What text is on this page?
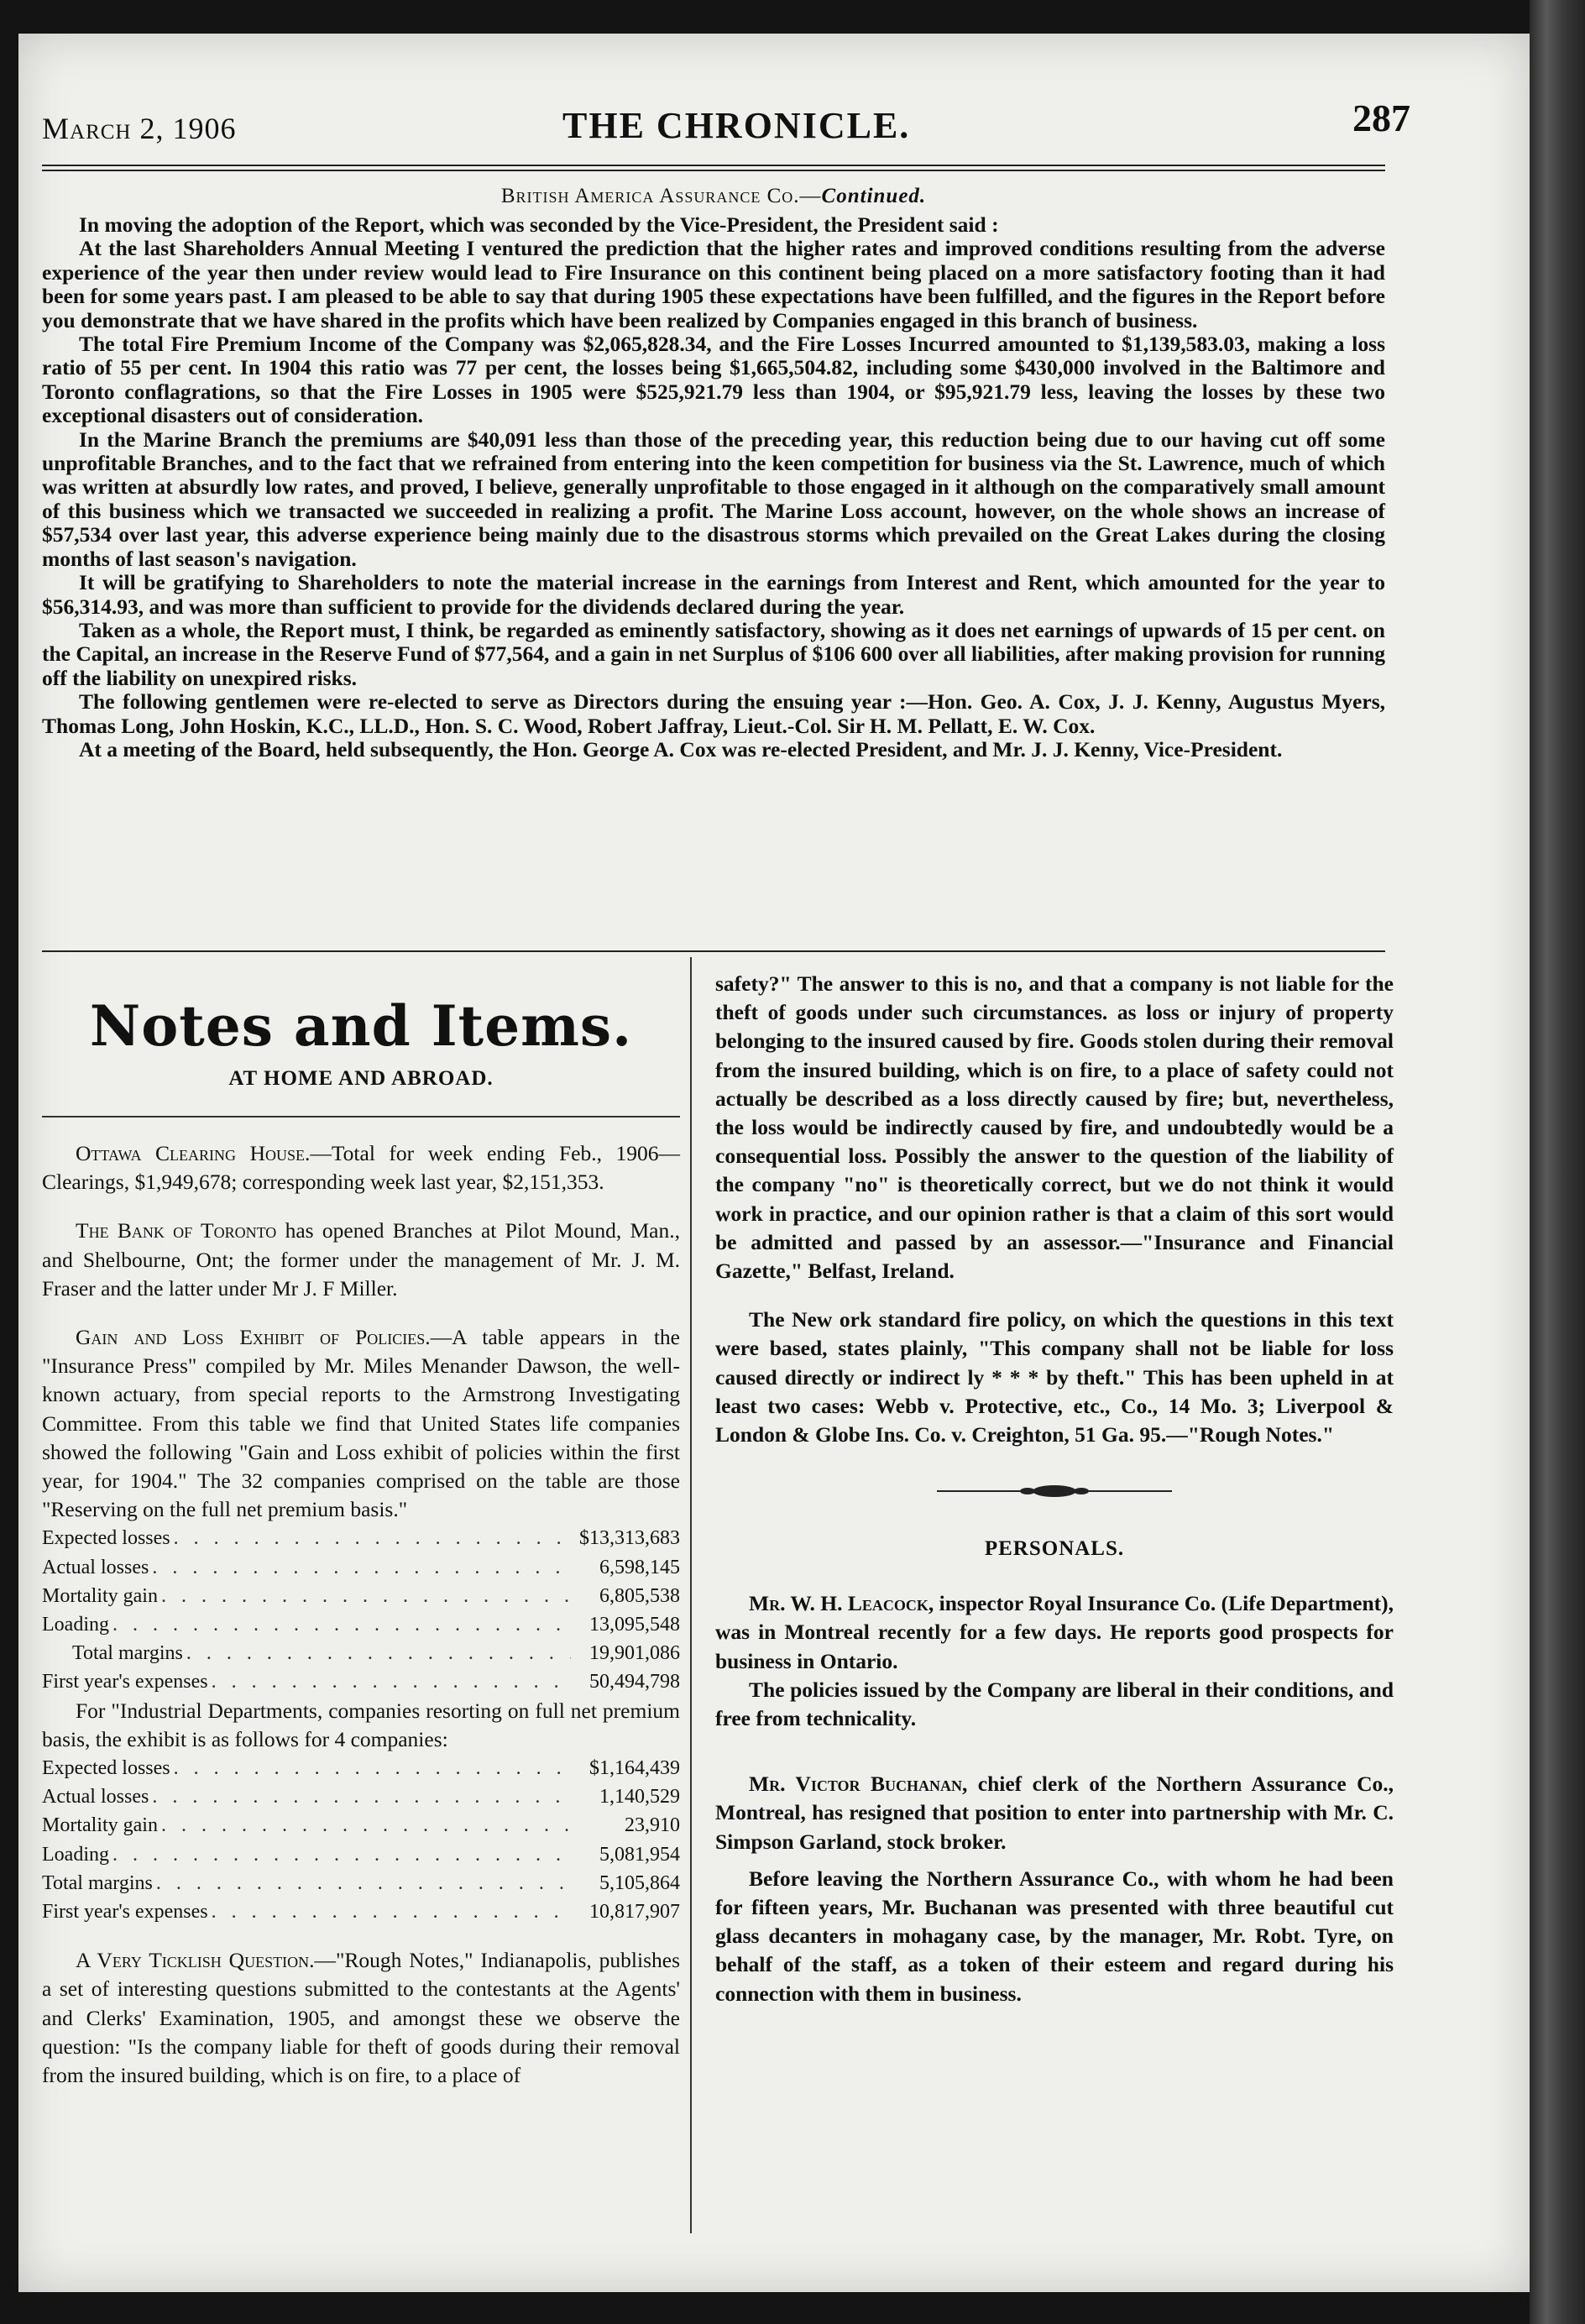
March 2, 1906	THE CHRONICLE.	287
British America Assurance Co.—Continued.

In moving the adoption of the Report, which was seconded by the Vice-President, the President said :

At the last Shareholders Annual Meeting I ventured the prediction that the higher rates and improved conditions resulting from the adverse experience of the year then under review would lead to Fire Insurance on this continent being placed on a more satisfactory footing than it had been for some years past. I am pleased to be able to say that during 1905 these expectations have been fulfilled, and the figures in the Report before you demonstrate that we have shared in the profits which have been realized by Companies engaged in this branch of business.

The total Fire Premium Income of the Company was $2,065,828.34, and the Fire Losses Incurred amounted to $1,139,583.03, making a loss ratio of 55 per cent. In 1904 this ratio was 77 per cent, the losses being $1,665,504.82, including some $430,000 involved in the Baltimore and Toronto conflagrations, so that the Fire Losses in 1905 were $525,921.79 less than 1904, or $95,921.79 less, leaving the losses by these two exceptional disasters out of consideration.

In the Marine Branch the premiums are $40,091 less than those of the preceding year, this reduction being due to our having cut off some unprofitable Branches, and to the fact that we refrained from entering into the keen competition for business via the St. Lawrence, much of which was written at absurdly low rates, and proved, I believe, generally unprofitable to those engaged in it although on the comparatively small amount of this business which we transacted we succeeded in realizing a profit. The Marine Loss account, however, on the whole shows an increase of $57,534 over last year, this adverse experience being mainly due to the disastrous storms which prevailed on the Great Lakes during the closing months of last season's navigation.

It will be gratifying to Shareholders to note the material increase in the earnings from Interest and Rent, which amounted for the year to $56,314.93, and was more than sufficient to provide for the dividends declared during the year.

Taken as a whole, the Report must, I think, be regarded as eminently satisfactory, showing as it does net earnings of upwards of 15 per cent. on the Capital, an increase in the Reserve Fund of $77,564, and a gain in net Surplus of $106 600 over all liabilities, after making provision for running off the liability on unexpired risks.

The following gentlemen were re-elected to serve as Directors during the ensuing year :—Hon. Geo. A. Cox, J. J. Kenny, Augustus Myers, Thomas Long, John Hoskin, K.C., LL.D., Hon. S. C. Wood, Robert Jaffray, Lieut.-Col. Sir H. M. Pellatt, E. W. Cox.

At a meeting of the Board, held subsequently, the Hon. George A. Cox was re-elected President, and Mr. J. J. Kenny, Vice-President.

Notes and Items.
AT HOME AND ABROAD.

Ottawa Clearing House.—Total for week ending Feb., 1906—Clearings, $1,949,678; corresponding week last year, $2,151,353.

The Bank of Toronto has opened Branches at Pilot Mound, Man., and Shelbourne, Ont; the former under the management of Mr. J. M. Fraser and the latter under Mr J. F Miller.

Gain and Loss Exhibit of Policies.—A table appears in the "Insurance Press" compiled by Mr. Miles Menander Dawson, the well-known actuary, from special reports to the Armstrong Investigating Committee. From this table we find that United States life companies showed the following "Gain and Loss exhibit of policies within the first year, for 1904." The 32 companies comprised on the table are those "Reserving on the full net premium basis."

Expected losses . . .	$13,313,683
Actual losses . . .	6,598,145
Mortality gain . . .	6,805,538
Loading . . .	13,095,548
Total margins . . .	19,901,086
First year's expenses . . .	50,494,798

For "Industrial Departments, companies resorting on full net premium basis, the exhibit is as follows for 4 companies:

Expected losses . . .	$1,164,439
Actual losses . . .	1,140,529
Mortality gain . . .	23,910
Loading . . .	5,081,954
Total margins . . .	5,105,864
First year's expenses . . .	10,817,907

A Very Ticklish Question.—"Rough Notes," Indianapolis, publishes a set of interesting questions submitted to the contestants at the Agents' and Clerks' Examination, 1905, and amongst these we observe the question: "Is the company liable for theft of goods during their removal from the insured building, which is on fire, to a place of

safety?" The answer to this is no, and that a company is not liable for the theft of goods under such circumstances. as loss or injury of property belonging to the insured caused by fire. Goods stolen during their removal from the insured building, which is on fire, to a place of safety could not actually be described as a loss directly caused by fire; but, nevertheless, the loss would be indirectly caused by fire, and undoubtedly would be a consequential loss. Possibly the answer to the question of the liability of the company "no" is theoretically correct, but we do not think it would work in practice, and our opinion rather is that a claim of this sort would be admitted and passed by an assessor.—"Insurance and Financial Gazette," Belfast, Ireland.

The New ork standard fire policy, on which the questions in this text were based, states plainly, "This company shall not be liable for loss caused directly or indirect ly * * * by theft." This has been upheld in at least two cases: Webb v. Protective, etc., Co., 14 Mo. 3; Liverpool & London & Globe Ins. Co. v. Creighton, 51 Ga. 95.—"Rough Notes."

PERSONALS.

Mr. W. H. Leacock, inspector Royal Insurance Co. (Life Department), was in Montreal recently for a few days. He reports good prospects for business in Ontario.

The policies issued by the Company are liberal in their conditions, and free from technicality.

Mr. Victor Buchanan, chief clerk of the Northern Assurance Co., Montreal, has resigned that position to enter into partnership with Mr. C. Simpson Garland, stock broker.

Before leaving the Northern Assurance Co., with whom he had been for fifteen years, Mr. Buchanan was presented with three beautiful cut glass decanters in mohagany case, by the manager, Mr. Robt. Tyre, on behalf of the staff, as a token of their esteem and regard during his connection with them in business.
